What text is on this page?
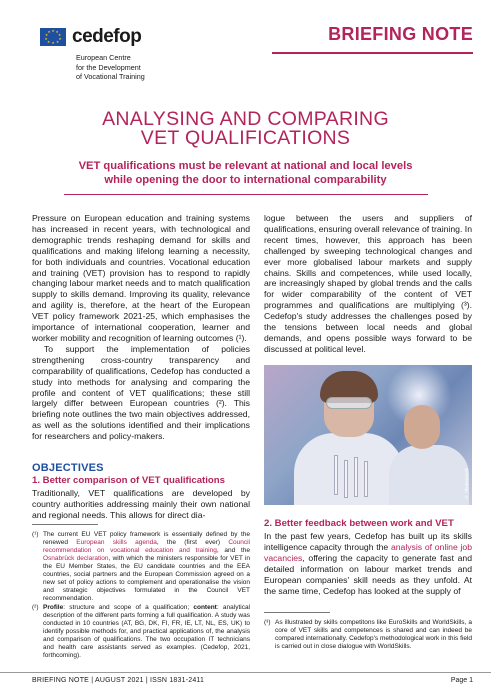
★ ★
★
★
★
★
★
★
★
★ cedefop
European Centre
for the Development
of Vocational Training
BRIEFING NOTE
ANALYSING AND COMPARING
VET QUALIFICATIONS
VET qualifications must be relevant at national and local levels
while opening the door to international comparability

Pressure on European education and training systems has increased in recent years, with technological and demographic trends reshaping demand for skills and qualifications and making lifelong learning a necessity, for both individuals and countries. Vocational education and training (VET) provision has to respond to rapidly changing labour market needs and to match qualification supply to skills demand. Improving its quality, relevance and agility is, therefore, at the heart of the European VET policy framework 2021-25, which emphasises the importance of international cooperation, learner and worker mobility and recognition of learning outcomes (¹).

To support the implementation of policies strengthening cross-country transparency and comparability of qualifications, Cedefop has conducted a study into methods for analysing and comparing the profile and content of VET qualifications; these still largely differ between European countries (²). This briefing note outlines the two main objectives addressed, as well as the solutions identified and their implications for researchers and policy-makers.

OBJECTIVES
1. Better comparison of VET qualifications
Traditionally, VET qualifications are developed by country authorities addressing mainly their own national and regional needs. This allows for direct dia-

logue between the users and suppliers of qualifications, ensuring overall relevance of training. In recent times, however, this approach has been challenged by sweeping technological changes and ever more globalised labour markets and supply chains. Skills and competences, while used locally, are increasingly shaped by global trends and the calls for wider comparability of the content of VET programmes and qualifications are multiplying (³). Cedefop's study addresses the challenges posed by the tensions between local needs and global demands, and opens possible ways forward to be discussed at political level.

© Shutterstock
2. Better feedback between work and VET
In the past few years, Cedefop has built up its skills intelligence capacity through the analysis of online job vacancies, offering the capacity to generate fast and detailed information on labour market trends and European companies' skill needs as they unfold. At the same time, Cedefop has looked at the supply of
(¹) The current EU VET policy framework is essentially defined by the renewed European skills agenda, the (first ever) Council recommendation on vocational education and training, and the Osnabrück declaration, with which the ministers responsible for VET in the EU Member States, the EU candidate countries and the EEA countries, social partners and the European Commission agreed on a new set of policy actions to complement and operationalise the vision and strategic objectives formulated in the Council VET recommendation.
(²) Profile: structure and scope of a qualification; content: analytical description of the different parts forming a full qualification. A study was conducted in 10 countries (AT, BG, DK, FI, FR, IE, LT, NL, ES, UK) to identify possible methods for, and practical applications of, the analysis and comparison of qualifications. The two occupation IT technicians and health care assistants served as examples. (Cedefop, 2021, forthcoming).
(³) As illustrated by skills competitons like EuroSkills and WorldSkills, a core of VET skills and competences is shared and can indeed be compared internationally. Cedefop's methodological work in this field is carried out in close dialogue with WorldSkills.
BRIEFING NOTE | AUGUST 2021 | ISSN 1831-2411	Page 1
